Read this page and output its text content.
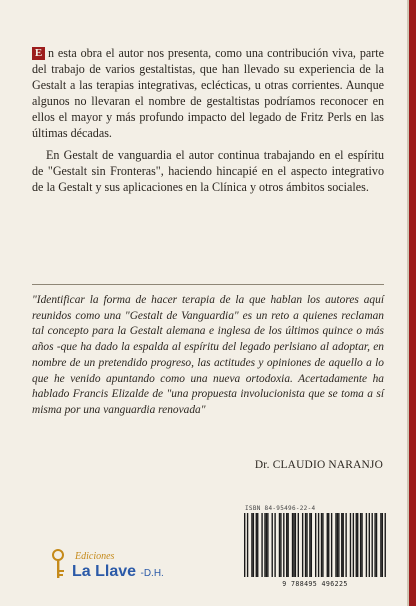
E n esta obra el autor nos presenta, como una contribución viva, parte del trabajo de varios gestaltistas, que han llevado su experiencia de la Gestalt a las terapias integrativas, eclécticas, u otras corrientes. Aunque algunos no llevaran el nombre de gestaltistas podríamos reconocer en ellos el mayor y más profundo impacto del legado de Fritz Perls en las últimas décadas.

En Gestalt de vanguardia el autor continua trabajando en el espíritu de "Gestalt sin Fronteras", haciendo hincapié en el aspecto integrativo de la Gestalt y sus aplicaciones en la Clínica y otros ámbitos sociales.

"Identificar la forma de hacer terapia de la que hablan los autores aquí reunidos como una "Gestalt de Vanguardia" es un reto a quienes reclaman tal concepto para la Gestalt alemana e inglesa de los últimos quince o más años -que ha dado la espalda al espíritu del legado perlsiano al adoptar, en nombre de un pretendido progreso, las actitudes y opiniones de aquello a lo que he venido apuntando como una nueva ortodoxia. Acertadamente ha hablado Francis Elizalde de "una propuesta involucionista que se toma a sí misma por una vanguardia renovada"

Dr. CLAUDIO NARANJO
ISBN 84-95496-22-4
9 788495 496225
Ediciones
La Llave -D.H.
